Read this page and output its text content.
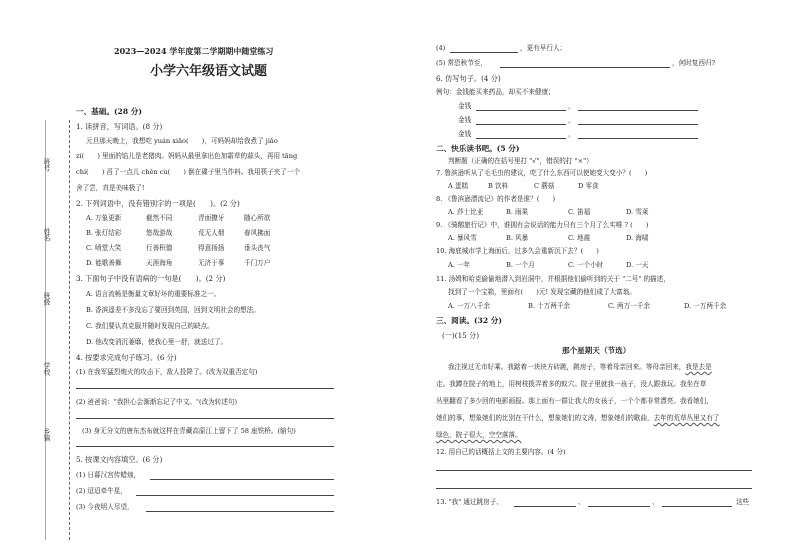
班号
姓名
班级
学校
乡镇
2023—2024 学年度第二学期期中随堂练习
小学六年级语文试题
一、基础。(28 分)
1. 读拼音，写词语。(8 分)
元旦那天晚上，我想吃 yuán xiāo(　　)，可妈妈却给我煮了 jiǎo
zi(　　) 里面的馅儿是老猪肉。妈妈从最里拿出色加霜草的蒜头，再用 tāng
chí(　　) 舀了一点儿 chěn cù(　　) 倒在碟子里当作料。我用筷子夹了一个
舍了尝，真是美味极了!
2. 下列词语中，没有错别字的一项是(　　)。(2 分)
A. 万象更新	截然不同	青面獠牙	随心所欲
B. 张灯结彩	悠哉游哉	荒无人烟	春风拂面
C. 喷堂大笑	行善积德	得意扬扬	垂头丧气
D. 能歌善舞	天涯海角	无济于事	千门万户
3. 下面句子中没有语病的一句是(　　)。(2 分)
A. 语言流畅是衡量文章好坏的重要标准之一。
B. 香滨遥差不多没忘了要回到英国，回到文明社会的想法。
C. 我们要认真克服并随时发现自己的缺点。
D. 他改变消沉萎靡，使我心里一舒，就送过了。
4. 按要求完成句子练习。(6 分)
(1) 在我军猛烈炮火的攻击下，敌人投降了。(改为双重否定句)
(2) 爸爸说："我担心会渐渐忘记了中文。"(改为转述句)
(3) 身无分文的唐东杰布就这样在青藏高原江上留下了 58 座铁桥。(缩句)
5. 按课文内容填空。(6 分)
(1) 日暮汉宫传蜡烛，
(2) 迢迢牵牛星，
(3) 今夜明人尽望，
(4)	，更有早行人；
(5) 常恐秋节至，	，何时复西归?
6. 仿写句子。(4 分)
例句：金钱能买来药品，却买不来健康；
金钱	，
金钱	，
金钱	，
二、快乐读书吧。(5 分)
判断题（正确的在括号里打 "√"，错误的打 "×"）
7. 鲁滨逊听从了毛毛虫的建议，吃了什么东西可以使她变大变小？(　　)
A 蛋糕	B 饮料	C 蘑菇	D 零食
8. 《鲁滨逊漂流记》的作者是谁？(　　)
A. 莎士比亚	B. 雨果	C. 笛福	D. 雪莱
9. 《骑鹅旅行记》中，谁拥有会说话的能力只有三个月了么实唯 ? (　　)
A. 暴风雪	B. 风暴	C. 地震	D. 海啸
10. 海底城市学上海面后，过多久会重新沉下去？(　　)
A. 一年	B. 一个月	C. 一个小时	D. 一天
11. 汤姆和哈克偷偷地潜入到岩洞中，并根据他们偷听到的关于 "二号" 的描述，
找到了一个宝箱，里面有(　　)元! 发现宝藏的他们成了大富翁。
A. 一万八千余	B. 十万两千余	C. 两万一千余	D. 一万两千余
三、阅读。(32 分)
(一)(15 分)
那个星期天（节选）
我注视过无市好乘。我踮着一块块方砖跳，跳房子，等着母亲回来。等母亲回来，我是去是
走。我蹲在院子的地上，用树枝拨弄着多的蚁穴。院子里就我一孩子，没人跟我玩。我坐在草
丛里翻看了多少回的电影画报。那上面有一群让我大的女孩子，一个个都非常漂亮。我看她们，
她们的事，想象她们的比别在干什么，想象她们的文涛，想象她们的歌曲，去年的荒草丛里又有了
绿色，院子很大，空空落落。
12. 用自己的话概括上文的主要内容。(4 分)
13. "我" 通过跳房子、	、	、	这些
